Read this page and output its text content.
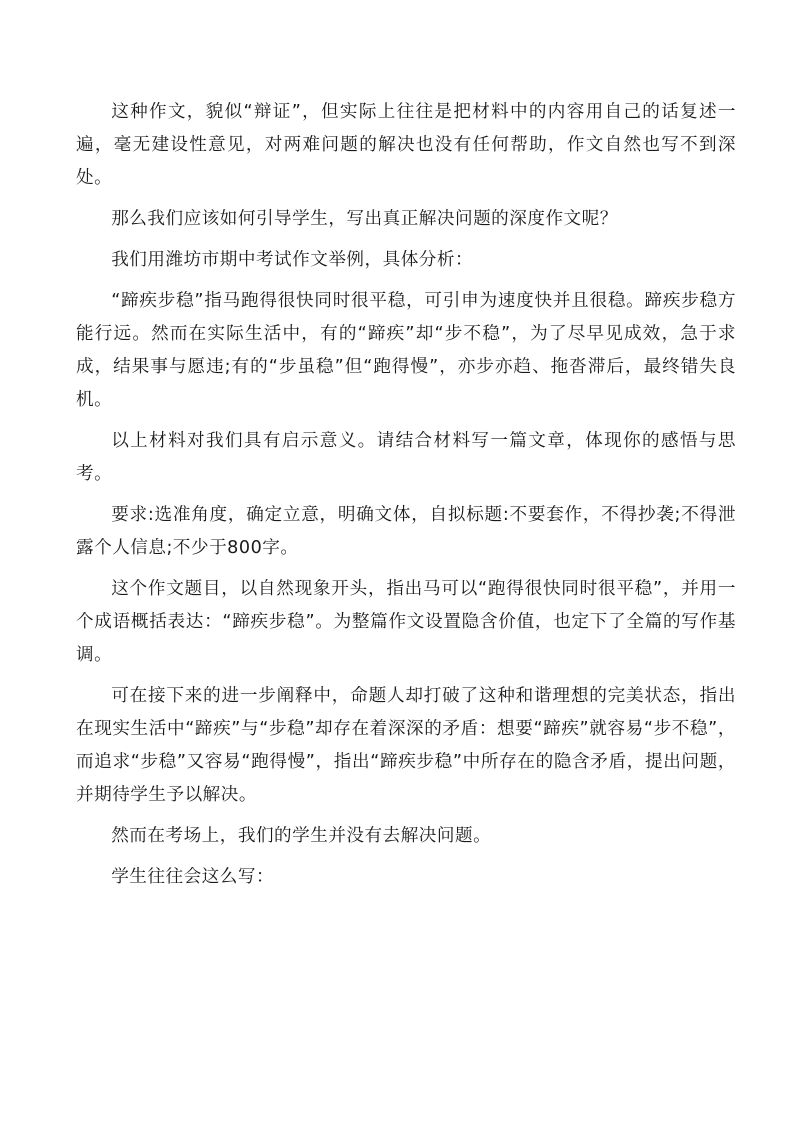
这种作文，貌似“辩证”，但实际上往往是把材料中的内容用自己的话复述一遍，毫无建设性意见，对两难问题的解决也没有任何帮助，作文自然也写不到深处。

那么我们应该如何引导学生，写出真正解决问题的深度作文呢？

我们用潍坊市期中考试作文举例，具体分析：

“蹄疾步稳”指马跑得很快同时很平稳，可引申为速度快并且很稳。蹄疾步稳方能行远。然而在实际生活中，有的“蹄疾”却“步不稳”，为了尽早见成效，急于求成，结果事与愿违;有的“步虽稳”但“跑得慢”，亦步亦趋、拖沓滞后，最终错失良机。

以上材料对我们具有启示意义。请结合材料写一篇文章，体现你的感悟与思考。

要求:选准角度，确定立意，明确文体，自拟标题:不要套作，不得抄袭;不得泄露个人信息;不少于800字。

这个作文题目，以自然现象开头，指出马可以“跑得很快同时很平稳”，并用一个成语概括表达：“蹄疾步稳”。为整篇作文设置隐含价值，也定下了全篇的写作基调。

可在接下来的进一步阐释中，命题人却打破了这种和谐理想的完美状态，指出在现实生活中“蹄疾”与“步稳”却存在着深深的矛盾：想要“蹄疾”就容易“步不稳”，而追求“步稳”又容易“跑得慢”，指出“蹄疾步稳”中所存在的隐含矛盾，提出问题，并期待学生予以解决。

然而在考场上，我们的学生并没有去解决问题。

学生往往会这么写：
